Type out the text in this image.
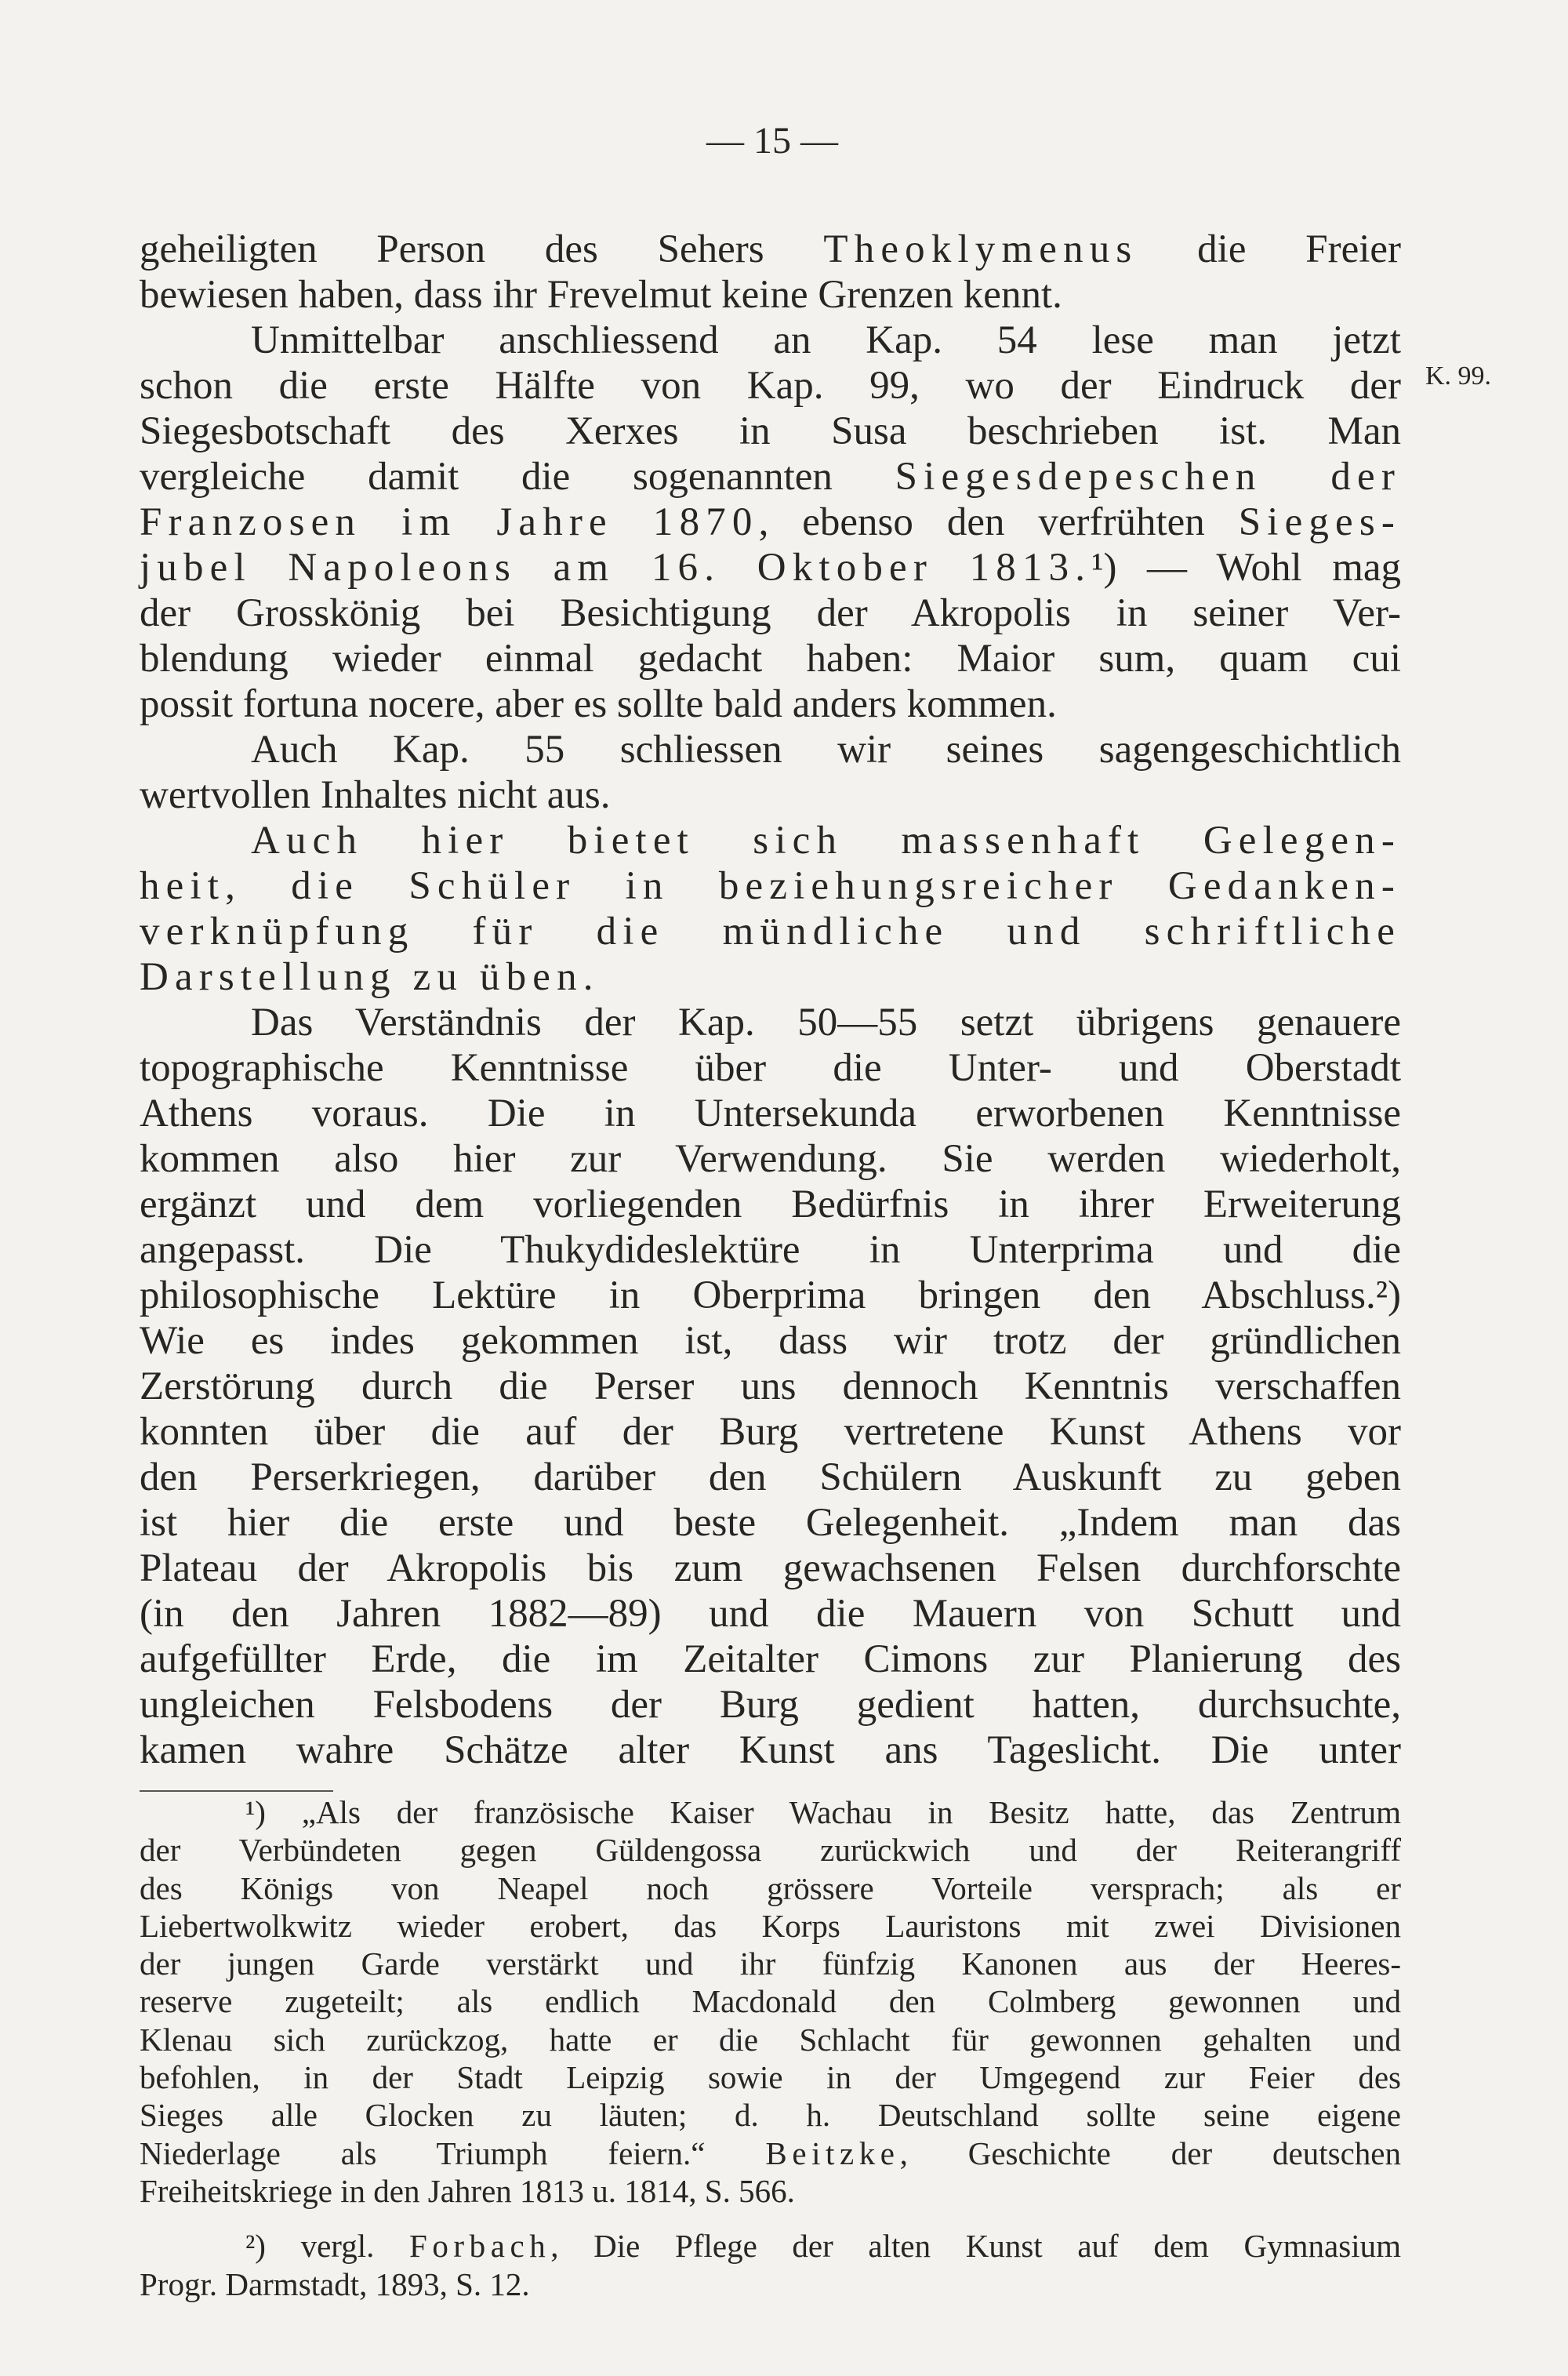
— 15 —
geheiligten Person des Sehers Theoklymenus die Freier
bewiesen haben, dass ihr Frevelmut keine Grenzen kennt.
Unmittelbar anschliessend an Kap. 54 lese man jetzt
schon die erste Hälfte von Kap. 99, wo der Eindruck der
Siegesbotschaft des Xerxes in Susa beschrieben ist. Man
vergleiche damit die sogenannten Siegesdepeschen der
Franzosen im Jahre 1870, ebenso den verfrühten Sieges-
jubel Napoleons am 16. Oktober 1813.¹) — Wohl mag
der Grosskönig bei Besichtigung der Akropolis in seiner Ver-
blendung wieder einmal gedacht haben: Maior sum, quam cui
possit fortuna nocere, aber es sollte bald anders kommen.
Auch Kap. 55 schliessen wir seines sagengeschichtlich
wertvollen Inhaltes nicht aus.
Auch hier bietet sich massenhaft Gelegen-
heit, die Schüler in beziehungsreicher Gedanken-
verknüpfung für die mündliche und schriftliche
Darstellung zu üben.
Das Verständnis der Kap. 50—55 setzt übrigens genauere
topographische Kenntnisse über die Unter- und Oberstadt
Athens voraus. Die in Untersekunda erworbenen Kenntnisse
kommen also hier zur Verwendung. Sie werden wiederholt,
ergänzt und dem vorliegenden Bedürfnis in ihrer Erweiterung
angepasst. Die Thukydideslektüre in Unterprima und die
philosophische Lektüre in Oberprima bringen den Abschluss.²)
Wie es indes gekommen ist, dass wir trotz der gründlichen
Zerstörung durch die Perser uns dennoch Kenntnis verschaffen
konnten über die auf der Burg vertretene Kunst Athens vor
den Perserkriegen, darüber den Schülern Auskunft zu geben
ist hier die erste und beste Gelegenheit. „Indem man das
Plateau der Akropolis bis zum gewachsenen Felsen durchforschte
(in den Jahren 1882—89) und die Mauern von Schutt und
aufgefüllter Erde, die im Zeitalter Cimons zur Planierung des
ungleichen Felsbodens der Burg gedient hatten, durchsuchte,
kamen wahre Schätze alter Kunst ans Tageslicht. Die unter
K. 99.
¹) „Als der französische Kaiser Wachau in Besitz hatte, das Zentrum
der Verbündeten gegen Güldengossa zurückwich und der Reiterangriff
des Königs von Neapel noch grössere Vorteile versprach; als er
Liebertwolkwitz wieder erobert, das Korps Lauristons mit zwei Divisionen
der jungen Garde verstärkt und ihr fünfzig Kanonen aus der Heeres-
reserve zugeteilt; als endlich Macdonald den Colmberg gewonnen und
Klenau sich zurückzog, hatte er die Schlacht für gewonnen gehalten und
befohlen, in der Stadt Leipzig sowie in der Umgegend zur Feier des
Sieges alle Glocken zu läuten; d. h. Deutschland sollte seine eigene
Niederlage als Triumph feiern.“ Beitzke, Geschichte der deutschen
Freiheitskriege in den Jahren 1813 u. 1814, S. 566.
²) vergl. Forbach, Die Pflege der alten Kunst auf dem Gymnasium
Progr. Darmstadt, 1893, S. 12.
